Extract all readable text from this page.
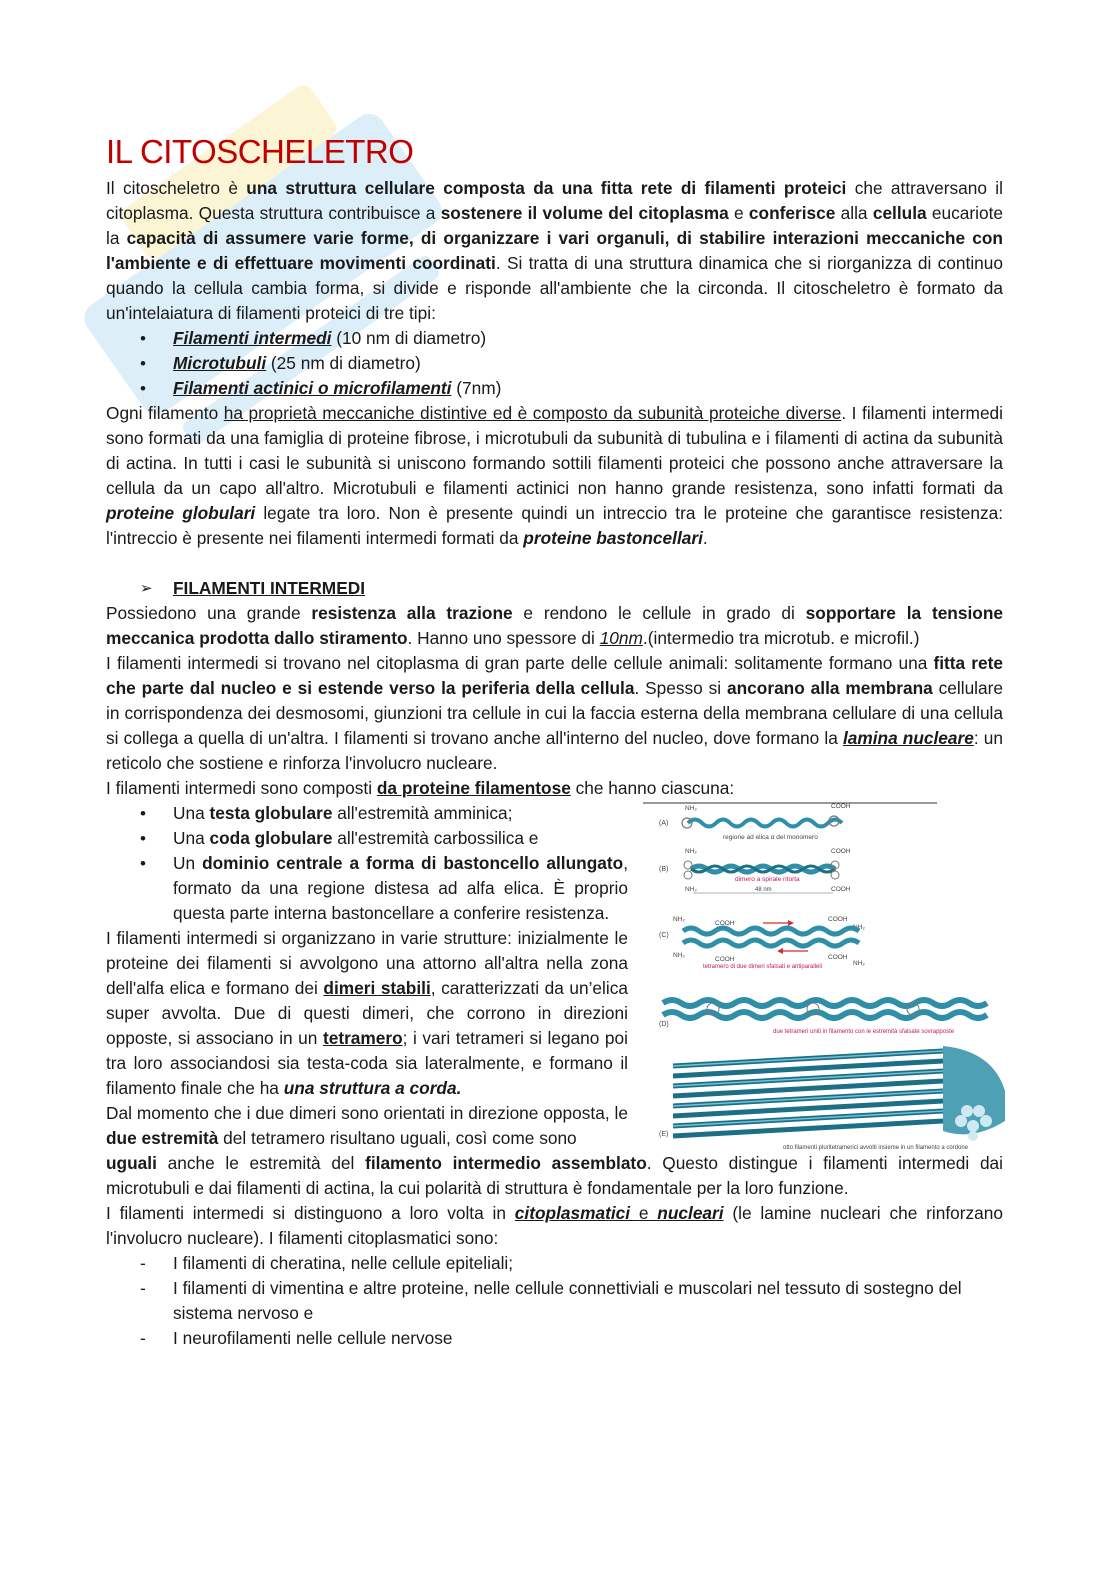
IL CITOSCHELETRO

Il citoscheletro è una struttura cellulare composta da una fitta rete di filamenti proteici che attraversano il citoplasma. Questa struttura contribuisce a sostenere il volume del citoplasma e conferisce alla cellula eucariote la capacità di assumere varie forme, di organizzare i vari organuli, di stabilire interazioni meccaniche con l'ambiente e di effettuare movimenti coordinati. Si tratta di una struttura dinamica che si riorganizza di continuo quando la cellula cambia forma, si divide e risponde all'ambiente che la circonda. Il citoscheletro è formato da un'intelaiatura di filamenti proteici di tre tipi:

• Filamenti intermedi (10 nm di diametro)
• Microtubuli (25 nm di diametro)
• Filamenti actinici o microfilamenti (7nm)

Ogni filamento ha proprietà meccaniche distintive ed è composto da subunità proteiche diverse. I filamenti intermedi sono formati da una famiglia di proteine fibrose, i microtubuli da subunità di tubulina e i filamenti di actina da subunità di actina. In tutti i casi le subunità si uniscono formando sottili filamenti proteici che possono anche attraversare la cellula da un capo all'altro. Microtubuli e filamenti actinici non hanno grande resistenza, sono infatti formati da proteine globulari legate tra loro. Non è presente quindi un intreccio tra le proteine che garantisce resistenza: l'intreccio è presente nei filamenti intermedi formati da proteine bastoncellari.

➢ FILAMENTI INTERMEDI

Possiedono una grande resistenza alla trazione e rendono le cellule in grado di sopportare la tensione meccanica prodotta dallo stiramento. Hanno uno spessore di 10nm.(intermedio tra microtub. e microfil.)

I filamenti intermedi si trovano nel citoplasma di gran parte delle cellule animali: solitamente formano una fitta rete che parte dal nucleo e si estende verso la periferia della cellula. Spesso si ancorano alla membrana cellulare in corrispondenza dei desmosomi, giunzioni tra cellule in cui la faccia esterna della membrana cellulare di una cellula si collega a quella di un'altra. I filamenti si trovano anche all'interno del nucleo, dove formano la lamina nucleare: un reticolo che sostiene e rinforza l'involucro nucleare.

I filamenti intermedi sono composti da proteine filamentose che hanno ciascuna:

• Una testa globulare all'estremità amminica;
• Una coda globulare all'estremità carbossilica e
• Un dominio centrale a forma di bastoncello allungato, formato da una regione distesa ad alfa elica. È proprio questa parte interna bastoncellare a conferire resistenza.

I filamenti intermedi si organizzano in varie strutture: inizialmente le proteine dei filamenti si avvolgono una attorno all'altra nella zona dell'alfa elica e formano dei dimeri stabili, caratterizzati da un’elica super avvolta. Due di questi dimeri, che corrono in direzioni opposte, si associano in un tetramero; i vari tetrameri si legano poi tra loro associandosi sia testa-coda sia lateralmente, e formano il filamento finale che ha una struttura a corda.

Dal momento che i due dimeri sono orientati in direzione opposta, le due estremità del tetramero risultano uguali, così come sono

(A)
NH₂	COOH
regione ad elica α del monomero
(B)
NH₂
NH₂
COOH
COOH
dimero a spirale ritorta
48 nm
(C)
NH₂
COOH
NH₂
COOH
COOH
NH₂
COOH
NH₂
tetramero di due dimeri sfalsati e antiparalleli
(D)
due tetrameri uniti in filamento con le estremità sfalsate sovrapposte
(E)
otto filamenti pluritetramerici avvolti insieme in un filamento a cordone

uguali anche le estremità del filamento intermedio assemblato. Questo distingue i filamenti intermedi dai microtubuli e dai filamenti di actina, la cui polarità di struttura è fondamentale per la loro funzione.

I filamenti intermedi si distinguono a loro volta in citoplasmatici e nucleari (le lamine nucleari che rinforzano l'involucro nucleare). I filamenti citoplasmatici sono:

- I filamenti di cheratina, nelle cellule epiteliali;
- I filamenti di vimentina e altre proteine, nelle cellule connettiviali e muscolari nel tessuto di sostegno del sistema nervoso e
- I neurofilamenti nelle cellule nervose
